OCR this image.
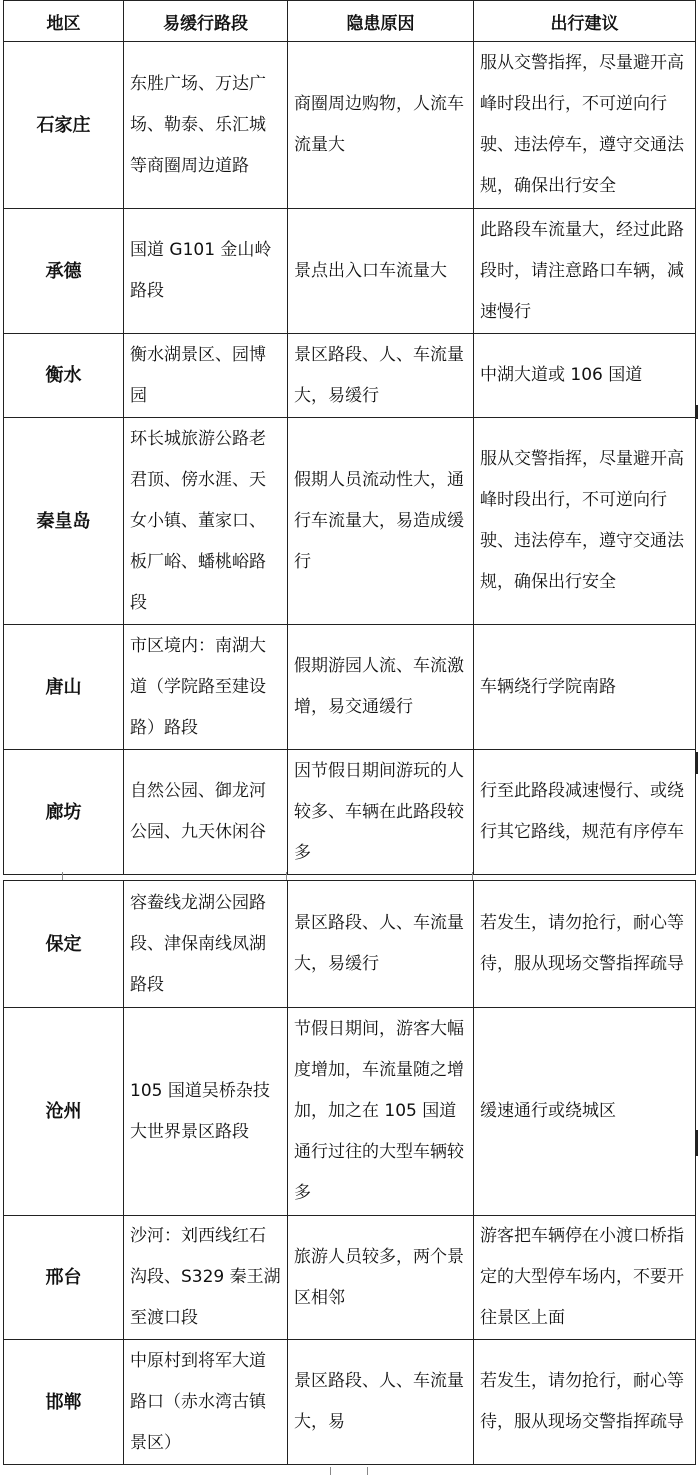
地区	易缓行路段	隐患原因	出行建议
石家庄	东胜广场、万达广场、勒泰、乐汇城等商圈周边道路	商圈周边购物，人流车流量大	服从交警指挥，尽量避开高峰时段出行，不可逆向行驶、违法停车，遵守交通法规，确保出行安全

承德	国道 G101 金山岭路段	景点出入口车流量大	此路段车流量大，经过此路段时，请注意路口车辆，减速慢行

衡水	衡水湖景区、园博园	景区路段、人、车流量大，易缓行	中湖大道或 106 国道

秦皇岛	环长城旅游公路老君顶、傍水涯、天女小镇、董家口、板厂峪、蟠桃峪路段	假期人员流动性大，通行车流量大，易造成缓行	服从交警指挥，尽量避开高峰时段出行，不可逆向行驶、违法停车，遵守交通法规，确保出行安全

唐山	市区境内：南湖大道（学院路至建设路）路段	假期游园人流、车流激增，易交通缓行	车辆绕行学院南路

廊坊	自然公园、御龙河公园、九天休闲谷	因节假日期间游玩的人较多、车辆在此路段较多	行至此路段减速慢行、或绕行其它路线，规范有序停车
保定	容鲞线龙湖公园路段、津保南线凤湖路段	景区路段、人、车流量大，易缓行	若发生，请勿抢行，耐心等待，服从现场交警指挥疏导

沧州	105 国道吴桥杂技大世界景区路段	节假日期间，游客大幅度增加，车流量随之增加，加之在 105 国道通行过往的大型车辆较多	缓速通行或绕城区

邢台	沙河：刘西线红石沟段、S329 秦王湖至渡口段	旅游人员较多，两个景区相邻	游客把车辆停在小渡口桥指定的大型停车场内，不要开往景区上面

邯郸	中原村到将军大道路口（赤水湾古镇景区）	景区路段、人、车流量大，易	若发生，请勿抢行，耐心等待，服从现场交警指挥疏导
